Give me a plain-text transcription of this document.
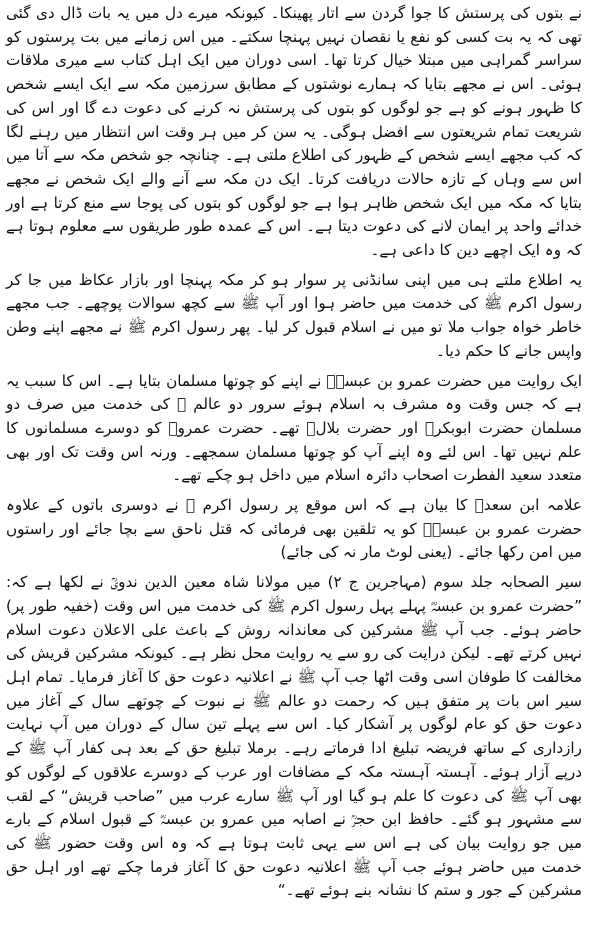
نے بتوں کی پرستش کا جوا گردن سے اتار پھینکا۔ کیونکہ میرے دل میں یہ بات ڈال دی گئی تھی کہ یہ بت کسی کو نفع یا نقصان نہیں پہنچا سکتے۔ میں اس زمانے میں بت پرستوں کو سراسر گمراہی میں مبتلا خیال کرتا تھا۔ اسی دوران میں ایک اہل کتاب سے میری ملاقات ہوئی۔ اس نے مجھے بتایا کہ ہمارے نوشتوں کے مطابق سرزمین مکہ سے ایک ایسے شخص کا ظہور ہونے کو ہے جو لوگوں کو بتوں کی پرستش نہ کرنے کی دعوت دے گا اور اس کی شریعت تمام شریعتوں سے افضل ہوگی۔ یہ سن کر میں ہر وقت اس انتظار میں رہنے لگا کہ کب مجھے ایسے شخص کے ظہور کی اطلاع ملتی ہے۔ چنانچہ جو شخص مکہ سے آتا میں اس سے وہاں کے تازہ حالات دریافت کرتا۔ ایک دن مکہ سے آنے والے ایک شخص نے مجھے بتایا کہ مکہ میں ایک شخص ظاہر ہوا ہے جو لوگوں کو بتوں کی پوجا سے منع کرتا ہے اور خدائے واحد پر ایمان لانے کی دعوت دیتا ہے۔ اس کے عمدہ طور طریقوں سے معلوم ہوتا ہے کہ وہ ایک اچھے دین کا داعی ہے۔

یہ اطلاع ملتے ہی میں اپنی سانڈنی پر سوار ہو کر مکہ پہنچا اور بازار عکاظ میں جا کر رسول اکرم ﷺ کی خدمت میں حاضر ہوا اور آپ ﷺ سے کچھ سوالات پوچھے۔ جب مجھے خاطر خواہ جواب ملا تو میں نے اسلام قبول کر لیا۔ پھر رسول اکرم ﷺ نے مجھے اپنے وطن واپس جانے کا حکم دیا۔

ایک روایت میں حضرت عمرو بن عبسہؓ نے اپنے کو چوتھا مسلمان بتایا ہے۔ اس کا سبب یہ ہے کہ جس وقت وہ مشرف بہ اسلام ہوئے سرور دو عالم ﷺ کی خدمت میں صرف دو مسلمان حضرت ابوبکرؓ اور حضرت بلالؓ تھے۔ حضرت عمروؓ کو دوسرے مسلمانوں کا علم نہیں تھا۔ اس لئے وہ اپنے آپ کو چوتھا مسلمان سمجھے۔ ورنہ اس وقت تک اور بھی متعدد سعید الفطرت اصحاب دائرہ اسلام میں داخل ہو چکے تھے۔

علامہ ابن سعدؒ کا بیان ہے کہ اس موقع پر رسول اکرم ﷺ نے دوسری باتوں کے علاوہ حضرت عمرو بن عبسہؓ کو یہ تلقین بھی فرمائی کہ قتل ناحق سے بچا جائے اور راستوں میں امن رکھا جائے۔ (یعنی لوٹ مار نہ کی جائے)

سیر الصحابہ جلد سوم (مہاجرین ج ۲) میں مولانا شاہ معین الدین ندویؒ نے لکھا ہے کہ: ”حضرت عمرو بن عبسہؓ پہلے پہل رسول اکرم ﷺ کی خدمت میں اس وقت (خفیہ طور پر) حاضر ہوئے۔ جب آپ ﷺ مشرکین کی معاندانہ روش کے باعث علی الاعلان دعوت اسلام نہیں کرتے تھے۔ لیکن درایت کی رو سے یہ روایت محل نظر ہے۔ کیونکہ مشرکین قریش کی مخالفت کا طوفان اسی وقت اٹھا جب آپ ﷺ نے اعلانیہ دعوت حق کا آغاز فرمایا۔ تمام اہل سیر اس بات پر متفق ہیں کہ رحمت دو عالم ﷺ نے نبوت کے چوتھے سال کے آغاز میں دعوت حق کو عام لوگوں پر آشکار کیا۔ اس سے پہلے تین سال کے دوران میں آپ نہایت رازداری کے ساتھ فریضہ تبلیغ ادا فرماتے رہے۔ برملا تبلیغ حق کے بعد ہی کفار آپ ﷺ کے درپے آزار ہوئے۔ آہستہ آہستہ مکہ کے مضافات اور عرب کے دوسرے علاقوں کے لوگوں کو بھی آپ ﷺ کی دعوت کا علم ہو گیا اور آپ ﷺ سارے عرب میں ”صاحب قریش“ کے لقب سے مشہور ہو گئے۔ حافظ ابن حجرؒ نے اصابہ میں عمرو بن عبسہؓ کے قبول اسلام کے بارے میں جو روایت بیان کی ہے اس سے یہی ثابت ہوتا ہے کہ وہ اس وقت حضور ﷺ کی خدمت میں حاضر ہوئے جب آپ ﷺ اعلانیہ دعوت حق کا آغاز فرما چکے تھے اور اہل حق مشرکین کے جور و ستم کا نشانہ بنے ہوئے تھے۔“
